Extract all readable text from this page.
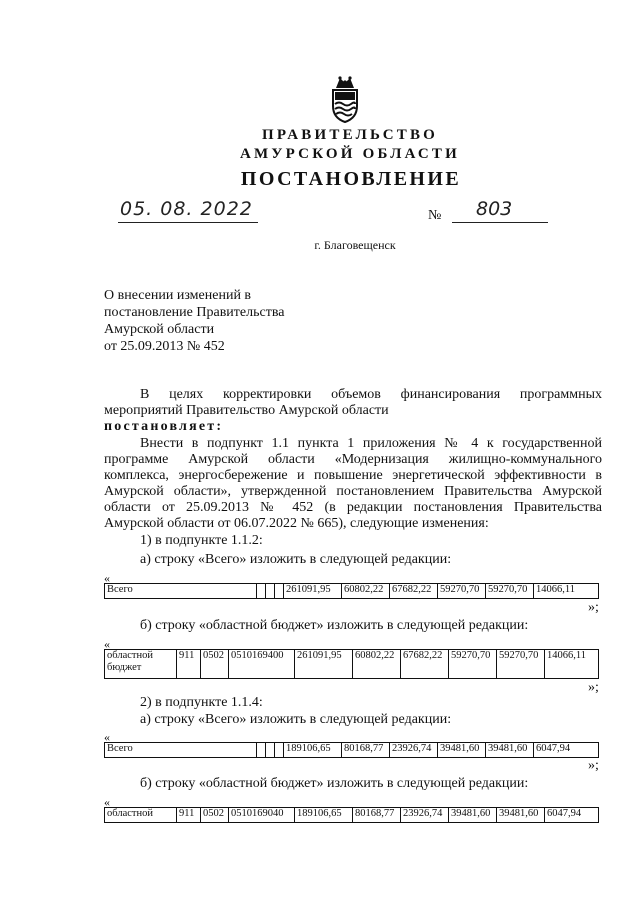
ПРАВИТЕЛЬСТВО
АМУРСКОЙ ОБЛАСТИ
ПОСТАНОВЛЕНИЕ
05. 08. 2022	№ 803
г. Благовещенск
О внесении изменений в
постановление Правительства
Амурской области
от 25.09.2013 № 452
В целях корректировки объемов финансирования программных
мероприятий Правительство Амурской области
постановляет:
Внести в подпункт 1.1 пункта 1 приложения № 4 к государственной
программе Амурской области «Модернизация жилищно-коммунального
комплекса, энергосбережение и повышение энергетической эффективности в
Амурской области», утвержденной постановлением Правительства Амурской
области от 25.09.2013 № 452 (в редакции постановления Правительства
Амурской области от 06.07.2022 № 665), следующие изменения:
1) в подпункте 1.1.2:
а) строку «Всего» изложить в следующей редакции:
«
Всего				261091,95	60802,22	67682,22	59270,70	59270,70	14066,11
»;
б) строку «областной бюджет» изложить в следующей редакции:
«
областной
бюджет
	911	0502	0510169400	261091,95	60802,22	67682,22	59270,70	59270,70	14066,11
»;
2) в подпункте 1.1.4:
а) строку «Всего» изложить в следующей редакции:
«
Всего				189106,65	80168,77	23926,74	39481,60	39481,60	6047,94
»;
б) строку «областной бюджет» изложить в следующей редакции:
«
областной	911	0502	0510169040	189106,65	80168,77	23926,74	39481,60	39481,60	6047,94
